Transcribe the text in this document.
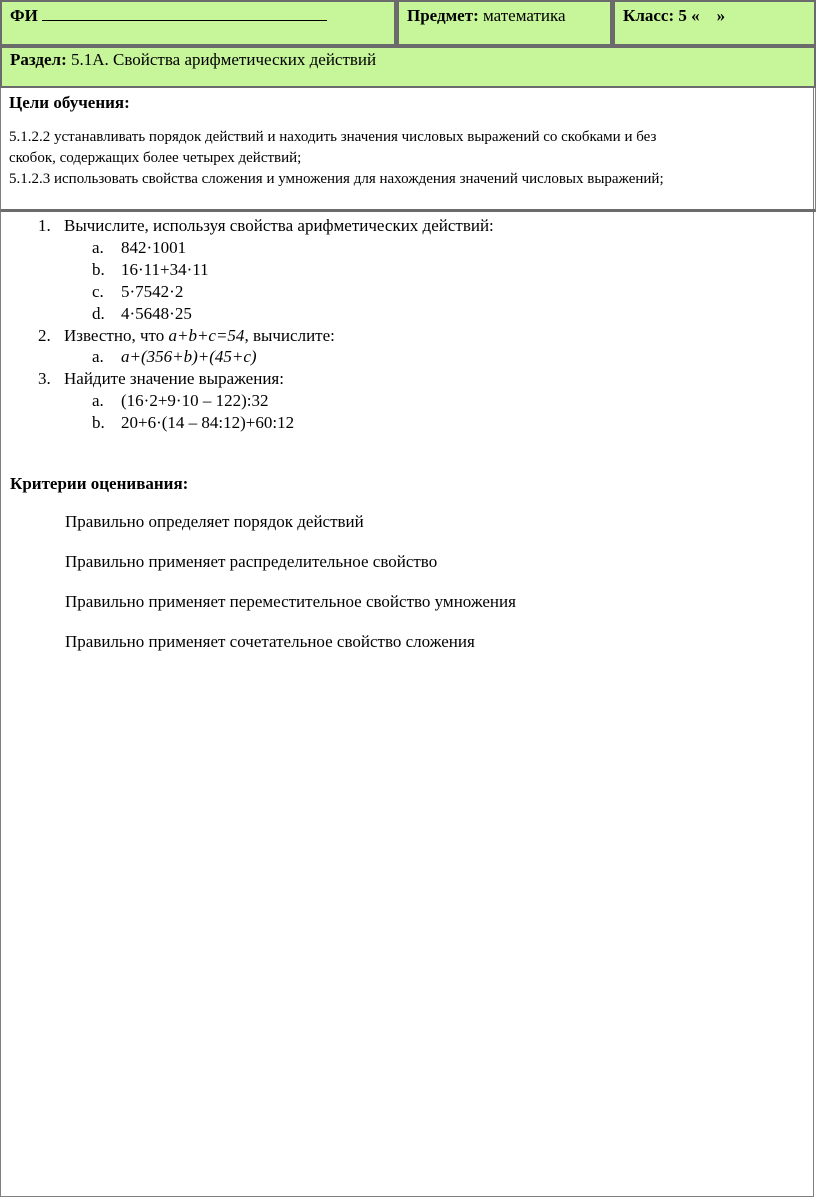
ФИ	Предмет: математика	Класс: 5 «    »
Раздел: 5.1А. Свойства арифметических действий
Цели обучения:
5.1.2.2 устанавливать порядок действий и находить значения числовых выражений со скобками и без
скобок, содержащих более четырех действий;
5.1.2.3 использовать свойства сложения и умножения для нахождения значений числовых выражений;
1. Вычислите, используя свойства арифметических действий:
a. 842·1001
b. 16·11+34·11
c. 5·7542·2
d. 4·5648·25
2. Известно, что a+b+c=54, вычислите:
a. a+(356+b)+(45+c)
3. Найдите значение выражения:
a. (16·2+9·10 – 122):32
b. 20+6·(14 – 84:12)+60:12
Критерии оценивания:
Правильно определяет порядок действий
Правильно применяет распределительное свойство
Правильно применяет переместительное свойство умножения
Правильно применяет сочетательное свойство сложения
